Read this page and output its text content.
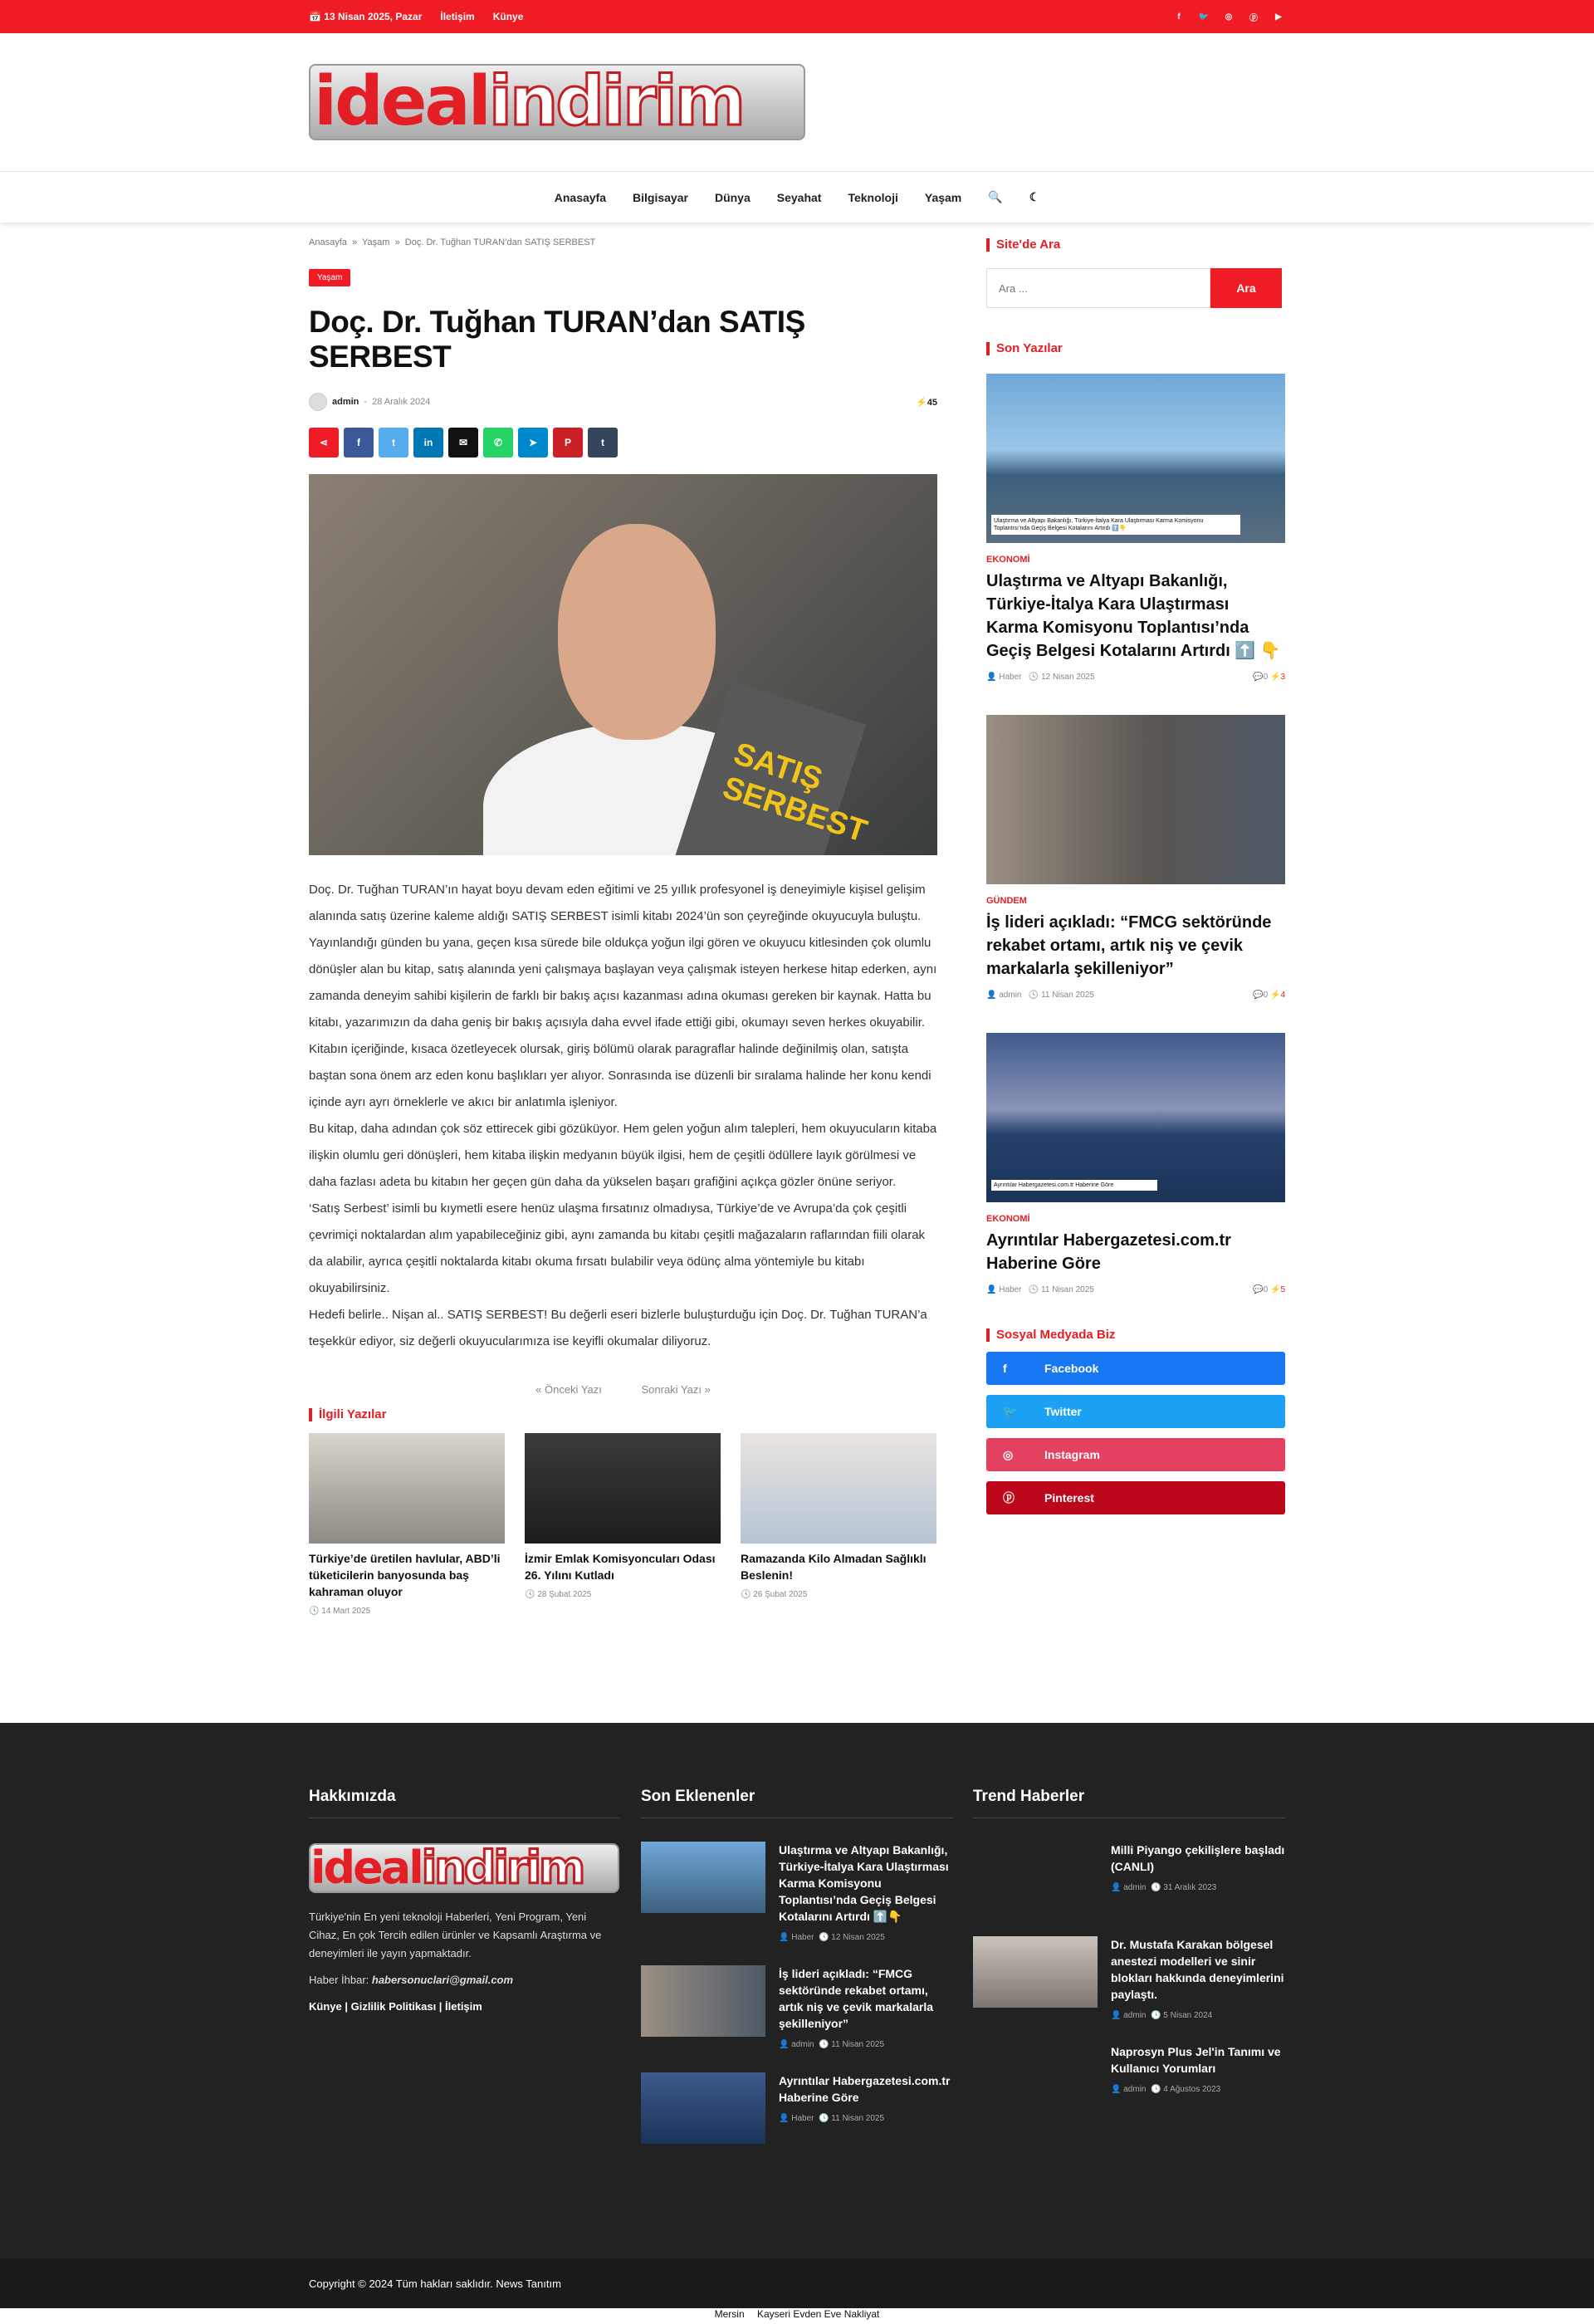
📅 13 Nisan 2025, Pazar İletişim Künye	f	🐦	◎	ⓟ	▶
idealindirim
Anasayfa Bilgisayar Dünya Seyahat Teknoloji Yaşam 🔍 ☾
Anasayfa  »  Yaşam  »  Doç. Dr. Tuğhan TURAN’dan SATIŞ SERBEST
Yaşam
Doç. Dr. Tuğhan TURAN’dan SATIŞ SERBEST
admin - 28 Aralık 2024	⚡45
⋖	f	t	in	✉	✆	➤	P	t
SATIŞ SERBEST

Doç. Dr. Tuğhan TURAN’ın hayat boyu devam eden eğitimi ve 25 yıllık profesyonel iş deneyimiyle kişisel gelişim alanında satış üzerine kaleme aldığı SATIŞ SERBEST isimli kitabı 2024’ün son çeyreğinde okuyucuyla buluştu. Yayınlandığı günden bu yana, geçen kısa sürede bile oldukça yoğun ilgi gören ve okuyucu kitlesinden çok olumlu dönüşler alan bu kitap, satış alanında yeni çalışmaya başlayan veya çalışmak isteyen herkese hitap ederken, aynı zamanda deneyim sahibi kişilerin de farklı bir bakış açısı kazanması adına okuması gereken bir kaynak. Hatta bu kitabı, yazarımızın da daha geniş bir bakış açısıyla daha evvel ifade ettiği gibi, okumayı seven herkes okuyabilir.

Kitabın içeriğinde, kısaca özetleyecek olursak, giriş bölümü olarak paragraflar halinde değinilmiş olan, satışta baştan sona önem arz eden konu başlıkları yer alıyor. Sonrasında ise düzenli bir sıralama halinde her konu kendi içinde ayrı ayrı örneklerle ve akıcı bir anlatımla işleniyor.

Bu kitap, daha adından çok söz ettirecek gibi gözüküyor. Hem gelen yoğun alım talepleri, hem okuyucuların kitaba ilişkin olumlu geri dönüşleri, hem kitaba ilişkin medyanın büyük ilgisi, hem de çeşitli ödüllere layık görülmesi ve daha fazlası adeta bu kitabın her geçen gün daha da yükselen başarı grafiğini açıkça gözler önüne seriyor.

‘Satış Serbest’ isimli bu kıymetli esere henüz ulaşma fırsatınız olmadıysa, Türkiye’de ve Avrupa’da çok çeşitli çevrimiçi noktalardan alım yapabileceğiniz gibi, aynı zamanda bu kitabı çeşitli mağazaların raflarından fiili olarak da alabilir, ayrıca çeşitli noktalarda kitabı okuma fırsatı bulabilir veya ödünç alma yöntemiyle bu kitabı okuyabilirsiniz.

Hedefi belirle.. Nişan al.. SATIŞ SERBEST! Bu değerli eseri bizlerle buluşturduğu için Doç. Dr. Tuğhan TURAN’a teşekkür ediyor, siz değerli okuyucularımıza ise keyifli okumalar diliyoruz.

« Önceki Yazı	Sonraki Yazı »
İlgili Yazılar
Türkiye’de üretilen havlular, ABD’li tüketicilerin banyosunda baş kahraman oluyor
🕓 14 Mart 2025
İzmir Emlak Komisyoncuları Odası 26. Yılını Kutladı
🕓 28 Şubat 2025
Ramazanda Kilo Almadan Sağlıklı Beslenin!
🕓 26 Şubat 2025
Site'de Ara
Ara ...
Ara
Son Yazılar
Ulaştırma ve Altyapı Bakanlığı, Türkiye-İtalya Kara Ulaştırması Karma Komisyonu Toplantısı’nda Geçiş Belgesi Kotalarını Artırdı ⬆️👇
EKONOMİ
Ulaştırma ve Altyapı Bakanlığı, Türkiye-İtalya Kara Ulaştırması Karma Komisyonu Toplantısı’nda Geçiş Belgesi Kotalarını Artırdı ⬆️ 👇
👤 Haber 🕓 12 Nisan 2025	💬0 ⚡3
GÜNDEM
İş lideri açıkladı: “FMCG sektöründe rekabet ortamı, artık niş ve çevik markalarla şekilleniyor”
👤 admin 🕓 11 Nisan 2025	💬0 ⚡4
Ayrıntılar Habergazetesi.com.tr Haberine Göre
EKONOMİ
Ayrıntılar Habergazetesi.com.tr Haberine Göre
👤 Haber 🕓 11 Nisan 2025	💬0 ⚡5
Sosyal Medyada Biz
f	Facebook
🐦	Twitter
◎	Instagram
ⓟ	Pinterest
Hakkımızda
idealindirim
Türkiye'nin En yeni teknoloji Haberleri, Yeni Program, Yeni Cihaz, En çok Tercih edilen ürünler ve Kapsamlı Araştırma ve deneyimleri ile yayın yapmaktadır.
Haber İhbar: habersonuclari@gmail.com
Künye | Gizlilik Politikası | İletişim
Son Eklenenler
Ulaştırma ve Altyapı Bakanlığı, Türkiye-İtalya Kara Ulaştırması Karma Komisyonu Toplantısı’nda Geçiş Belgesi Kotalarını Artırdı ⬆️👇
👤 Haber  🕓 12 Nisan 2025
İş lideri açıkladı: “FMCG sektöründe rekabet ortamı, artık niş ve çevik markalarla şekilleniyor”
👤 admin  🕓 11 Nisan 2025
Ayrıntılar Habergazetesi.com.tr Haberine Göre
👤 Haber  🕓 11 Nisan 2025
Trend Haberler
Milli Piyango çekilişlere başladı (CANLI)
👤 admin  🕓 31 Aralık 2023
Dr. Mustafa Karakan bölgesel anestezi modelleri ve sinir blokları hakkında deneyimlerini paylaştı.
👤 admin  🕓 5 Nisan 2024
Naprosyn Plus Jel'in Tanımı ve Kullanıcı Yorumları
👤 admin  🕓 4 Ağustos 2023
Copyright © 2024 Tüm hakları saklıdır. News Tanıtım
Mersin Kayseri Evden Eve Nakliyat
